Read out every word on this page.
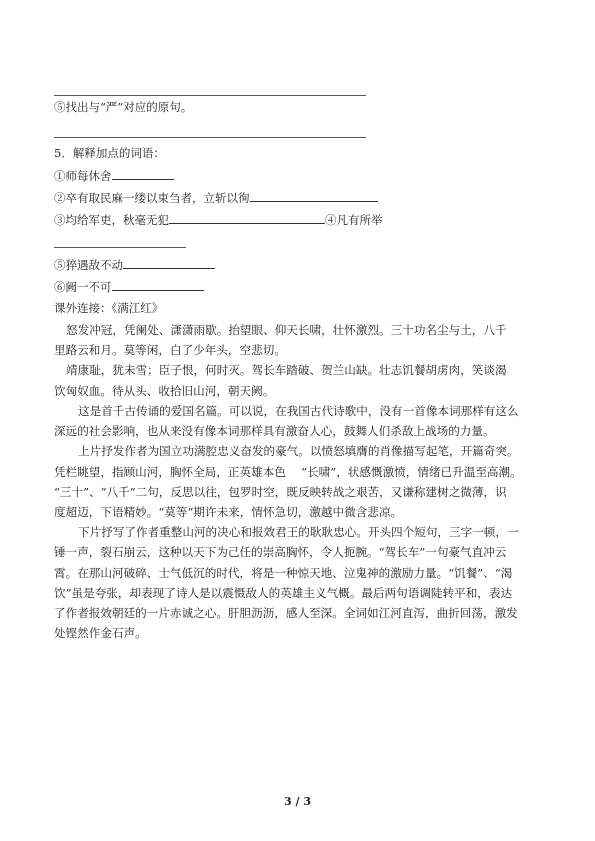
⑤找出与“严”对应的原句。
5．解释加点的词语：
①师每休舍
②卒有取民麻一缕以束刍者，立斩以徇
③均给军吏，秋毫无犯	④凡有所举
⑤猝遇敌不动
⑥阙一不可
课外连接：《满江红》
怒发冲冠，凭阑处、潇潇雨歇。抬望眼、仰天长啸，壮怀激烈。三十功名尘与土，八千
里路云和月。莫等闲，白了少年头，空悲切。
靖康耻，犹未雪；臣子恨，何时灭。驾长车踏破、贺兰山缺。壮志饥餐胡虏肉，笑谈渴
饮匈奴血。待从头、收拾旧山河，朝天阙。
这是首千古传诵的爱国名篇。可以说，在我国古代诗歌中，没有一首像本词那样有这么
深远的社会影响，也从来没有像本词那样具有激奋人心，鼓舞人们杀敌上战场的力量。
上片抒发作者为国立功满腔忠义奋发的豪气。以愤怒填膺的肖像描写起笔，开篇奇突。
凭栏眺望，指顾山河，胸怀全局，正英雄本色　 “长啸”，状感慨激愤，情绪已升温至高潮。
“三十”、“八千”二句，反思以往，包罗时空，既反映转战之艰苦，又谦称建树之微薄，识
度超迈，下语精妙。“莫等”期许未来，情怀急切，激越中微含悲凉。
下片抒写了作者重整山河的决心和报效君王的耿耿忠心。开头四个短句，三字一顿，一
锤一声，裂石崩云，这种以天下为己任的崇高胸怀，令人扼腕。“驾长车”一句豪气直冲云
霄。在那山河破碎、士气低沉的时代，将是一种惊天地、泣鬼神的激励力量。“饥餐”、“渴
饮”虽是夸张，却表现了诗人是以震慑敌人的英雄主义气概。最后两句语调陡转平和，表达
了作者报效朝廷的一片赤诚之心。肝胆沥沥，感人至深。全词如江河直泻，曲折回荡，激发
处铿然作金石声。
3 / 3
